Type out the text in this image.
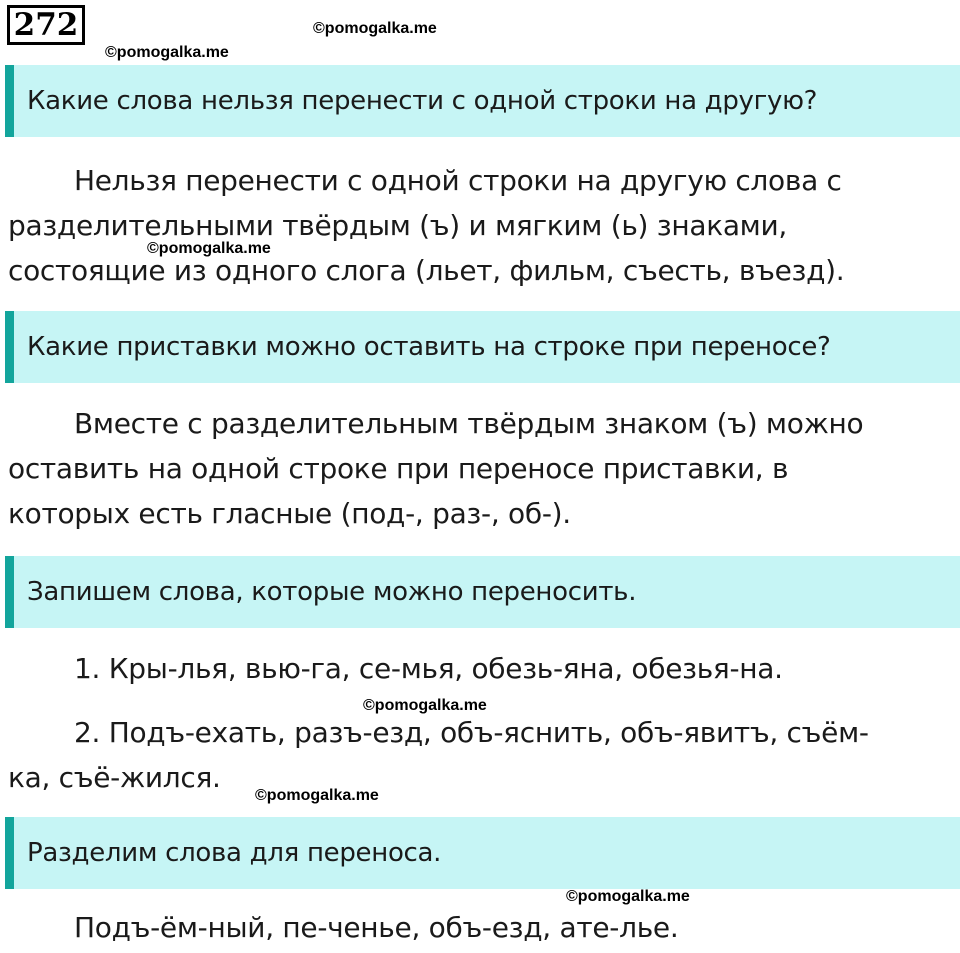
272	©pomogalka.me
©pomogalka.me
Какие слова нельзя перенести с одной строки на другую?
Нельзя перенести с одной строки на другую слова с
разделительными твёрдым (ъ) и мягким (ь) знаками,
состоящие из одного слога (льет, фильм, съесть, въезд).
©pomogalka.me
Какие приставки можно оставить на строке при переносе?
Вместе с разделительным твёрдым знаком (ъ) можно
оставить на одной строке при переносе приставки, в
которых есть гласные (под-, раз-, об-).
Запишем слова, которые можно переносить.
1. Кры-лья, вью-га, се-мья, обезь-яна, обезья-на.
©pomogalka.me
2. Подъ-ехать, разъ-езд, объ-яснить, объ-явитъ, съём-
ка, съё-жился.
©pomogalka.me
Разделим слова для переноса.
©pomogalka.me
Подъ-ём-ный, пе-ченье, объ-езд, ате-лье.
